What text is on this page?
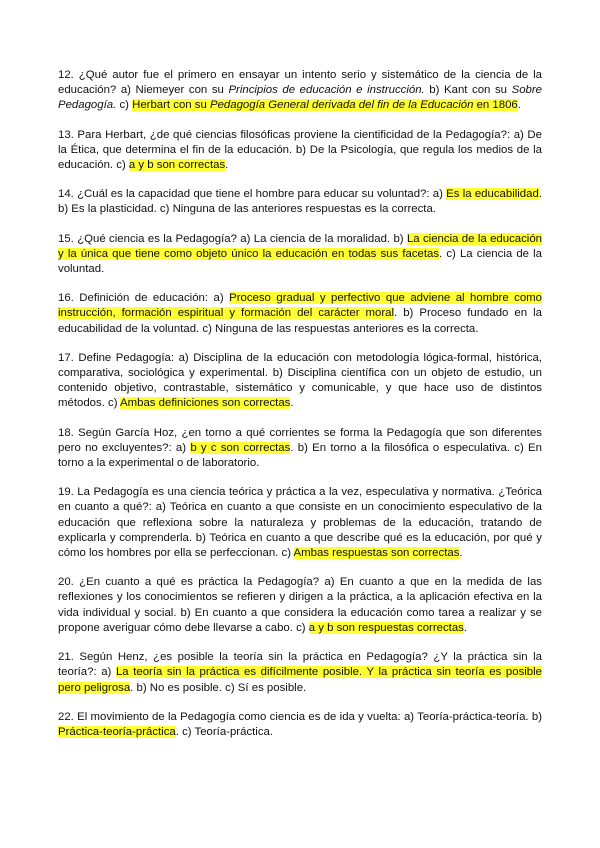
12. ¿Qué autor fue el primero en ensayar un intento serio y sistemático de la ciencia de la educación? a) Niemeyer con su Principios de educación e instrucción. b) Kant con su Sobre Pedagogía. c) Herbart con su Pedagogía General derivada del fin de la Educación en 1806.

13. Para Herbart, ¿de qué ciencias filosóficas proviene la cientificidad de la Pedagogía?: a) De la Ética, que determina el fin de la educación. b) De la Psicología, que regula los medios de la educación. c) a y b son correctas.

14. ¿Cuál es la capacidad que tiene el hombre para educar su voluntad?: a) Es la educabilidad. b) Es la plasticidad. c) Ninguna de las anteriores respuestas es la correcta.

15. ¿Qué ciencia es la Pedagogía? a) La ciencia de la moralidad. b) La ciencia de la educación y la única que tiene como objeto único la educación en todas sus facetas. c) La ciencia de la voluntad.

16. Definición de educación: a) Proceso gradual y perfectivo que adviene al hombre como instrucción, formación espiritual y formación del carácter moral. b) Proceso fundado en la educabilidad de la voluntad. c) Ninguna de las respuestas anteriores es la correcta.

17. Define Pedagogía: a) Disciplina de la educación con metodología lógica-formal, histórica, comparativa, sociológica y experimental. b) Disciplina científica con un objeto de estudio, un contenido objetivo, contrastable, sistemático y comunicable, y que hace uso de distintos métodos. c) Ambas definiciones son correctas.

18. Según García Hoz, ¿en torno a qué corrientes se forma la Pedagogía que son diferentes pero no excluyentes?: a) b y c son correctas. b) En torno a la filosófica o especulativa. c) En torno a la experimental o de laboratorio.

19. La Pedagogía es una ciencia teórica y práctica a la vez, especulativa y normativa. ¿Teórica en cuanto a qué?: a) Teórica en cuanto a que consiste en un conocimiento especulativo de la educación que reflexiona sobre la naturaleza y problemas de la educación, tratando de explicarla y comprenderla. b) Teórica en cuanto a que describe qué es la educación, por qué y cómo los hombres por ella se perfeccionan. c) Ambas respuestas son correctas.

20. ¿En cuanto a qué es práctica la Pedagogía? a) En cuanto a que en la medida de las reflexiones y los conocimientos se refieren y dirigen a la práctica, a la aplicación efectiva en la vida individual y social. b) En cuanto a que considera la educación como tarea a realizar y se propone averiguar cómo debe llevarse a cabo. c) a y b son respuestas correctas.

21. Según Henz, ¿es posible la teoría sin la práctica en Pedagogía? ¿Y la práctica sin la teoría?: a) La teoría sin la práctica es difícilmente posible. Y la práctica sin teoría es posible pero peligrosa. b) No es posible. c) Sí es posible.

22. El movimiento de la Pedagogía como ciencia es de ida y vuelta: a) Teoría-práctica-teoría. b) Práctica-teoría-práctica. c) Teoría-práctica.
